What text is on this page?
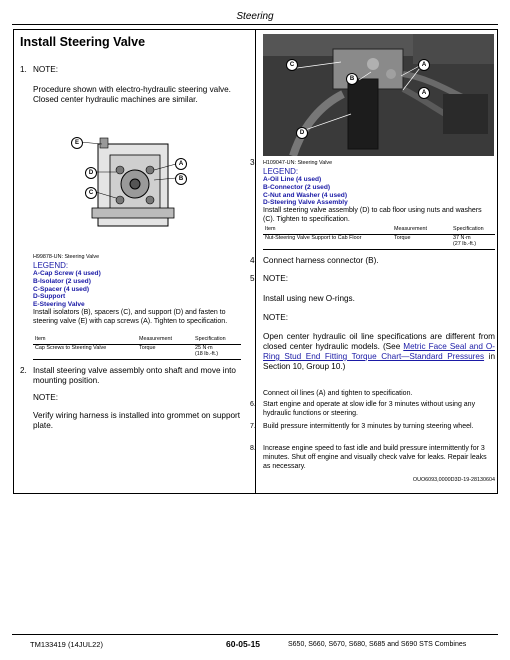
Steering
Install Steering Valve
1. NOTE:
Procedure shown with electro-hydraulic steering valve. Closed center hydraulic machines are similar.
E
D
C
A
B
H99878-UN: Steering Valve
LEGEND:
A-Cap Screw (4 used)
B-Isolator (2 used)
C-Spacer (4 used)
D-Support
E-Steering Valve
Install isolators (B), spacers (C), and support (D) and fasten to steering valve (E) with cap screws (A). Tighten to specification.
Item	Measurement	Specification
Cap Screws to Steering Valve	Torque	25 N·m
(18 lb.-ft.)
2. Install steering valve assembly onto shaft and move into mounting position.
NOTE:
Verify wiring harness is installed into grommet on support plate.
C
B
A
A
D
3. H109047-UN: Steering Valve
LEGEND:
A-Oil Line (4 used)
B-Connector (2 used)
C-Nut and Washer (4 used)
D-Steering Valve Assembly
Install steering valve assembly (D) to cab floor using nuts and washers (C). Tighten to specification.
Item	Measurement	Specification
Nut-Steering Valve Support to Cab Floor	Torque	37 N·m
(27 lb.-ft.)
4. Connect harness connector (B).
5. NOTE:
Install using new O-rings.
NOTE:
Open center hydraulic oil line specifications are different from closed center hydraulic models. (See Metric Face Seal and O-Ring Stud End Fitting Torque Chart—Standard Pressures in Section 10, Group 10.)
Connect oil lines (A) and tighten to specification.
6. Start engine and operate at slow idle for 3 minutes without using any hydraulic functions or steering.
7. Build pressure intermittently for 3 minutes by turning steering wheel.
8. Increase engine speed to fast idle and build pressure intermittently for 3 minutes. Shut off engine and visually check valve for leaks. Repair leaks as necessary.
OUO6093,0000D3D-19-28130604
TM133419 (14JUL22)	60-05-15	S650, S660, S670, S680, S685 and S690 STS Combines
